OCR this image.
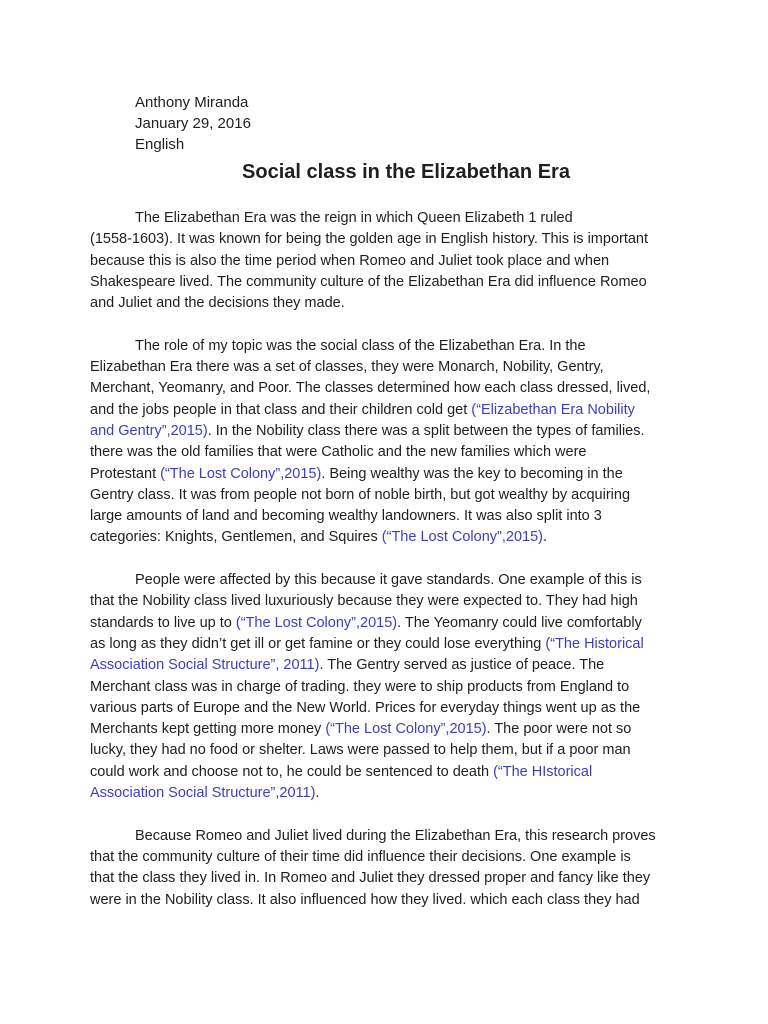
Anthony Miranda
January 29, 2016
English
Social class in the Elizabethan Era

The Elizabethan Era was the reign in which Queen Elizabeth 1 ruled
(1558-1603). It was known for being the golden age in English history. This is important
because this is also the time period when Romeo and Juliet took place and when
Shakespeare lived. The community culture of the Elizabethan Era did influence Romeo
and Juliet and the decisions they made.

The role of my topic was the social class of the Elizabethan Era. In the
Elizabethan Era there was a set of classes, they were Monarch, Nobility, Gentry,
Merchant, Yeomanry, and Poor. The classes determined how each class dressed, lived,
and the jobs people in that class and their children cold get (“Elizabethan Era Nobility
and Gentry”,2015). In the Nobility class there was a split between the types of families.
there was the old families that were Catholic and the new families which were
Protestant (“The Lost Colony”,2015). Being wealthy was the key to becoming in the
Gentry class. It was from people not born of noble birth, but got wealthy by acquiring
large amounts of land and becoming wealthy landowners. It was also split into 3
categories: Knights, Gentlemen, and Squires (“The Lost Colony”,2015).

People were affected by this because it gave standards. One example of this is
that the Nobility class lived luxuriously because they were expected to. They had high
standards to live up to (“The Lost Colony”,2015). The Yeomanry could live comfortably
as long as they didn’t get ill or get famine or they could lose everything (“The Historical
Association Social Structure”, 2011). The Gentry served as justice of peace. The
Merchant class was in charge of trading. they were to ship products from England to
various parts of Europe and the New World. Prices for everyday things went up as the
Merchants kept getting more money (“The Lost Colony”,2015). The poor were not so
lucky, they had no food or shelter. Laws were passed to help them, but if a poor man
could work and choose not to, he could be sentenced to death (“The HIstorical
Association Social Structure”,2011).

Because Romeo and Juliet lived during the Elizabethan Era, this research proves
that the community culture of their time did influence their decisions. One example is
that the class they lived in. In Romeo and Juliet they dressed proper and fancy like they
were in the Nobility class. It also influenced how they lived. which each class they had
